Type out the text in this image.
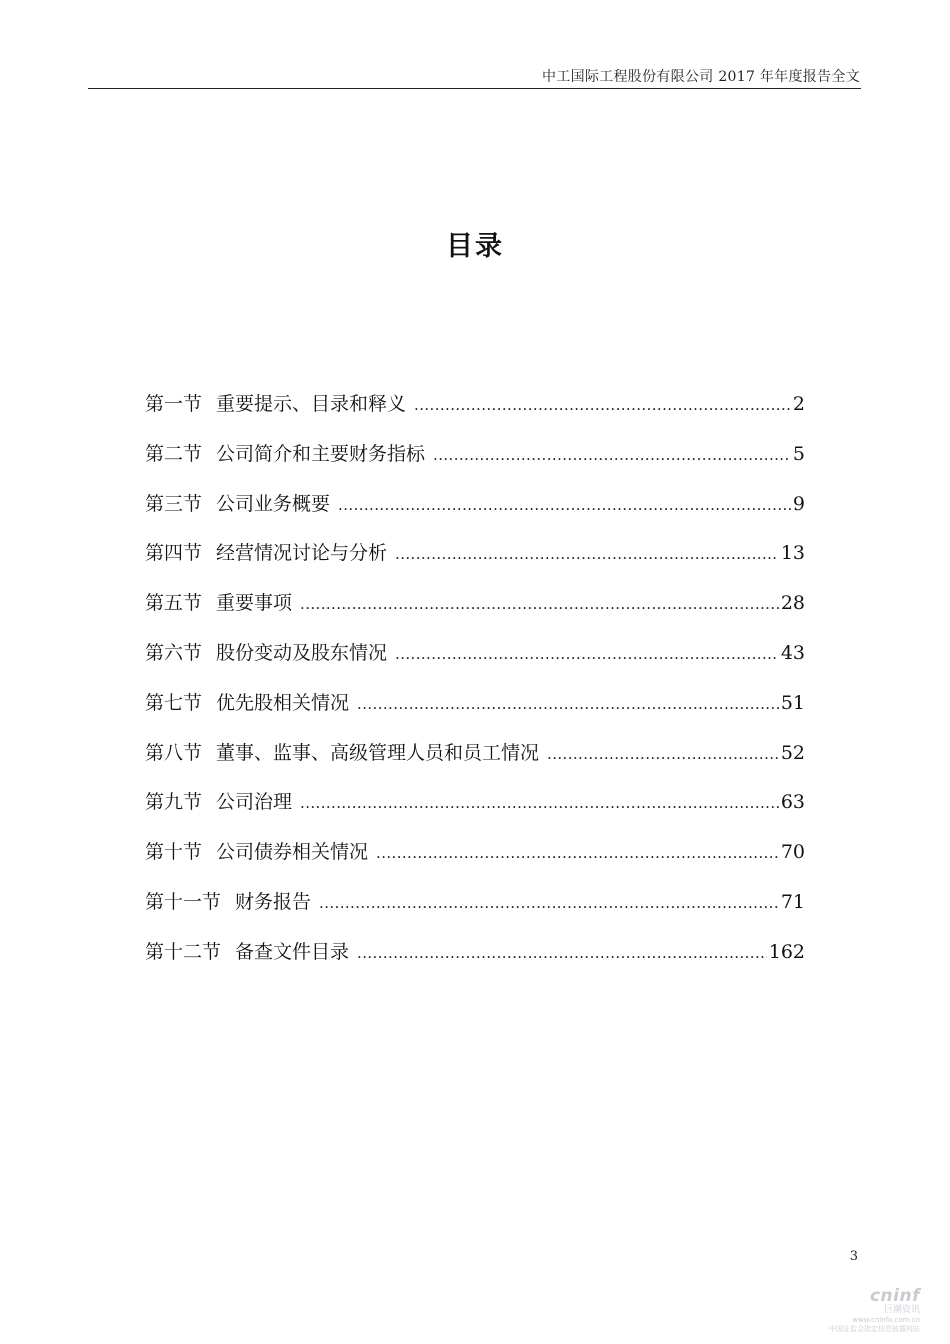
中工国际工程股份有限公司 2017 年年度报告全文
目录
第一节 重要提示、目录和释义 .....	2
第二节 公司简介和主要财务指标 .....	5
第三节 公司业务概要 .....	9
第四节 经营情况讨论与分析 .....	13
第五节 重要事项 .....	28
第六节 股份变动及股东情况 .....	43
第七节 优先股相关情况 .....	51
第八节 董事、监事、高级管理人员和员工情况 .....	52
第九节 公司治理 .....	63
第十节 公司债券相关情况 .....	70
第十一节 财务报告 .....	71
第十二节 备查文件目录 .....	162
3
cninf
巨潮资讯
www.cninfo.com.cn
中国证监会指定信息披露网站
